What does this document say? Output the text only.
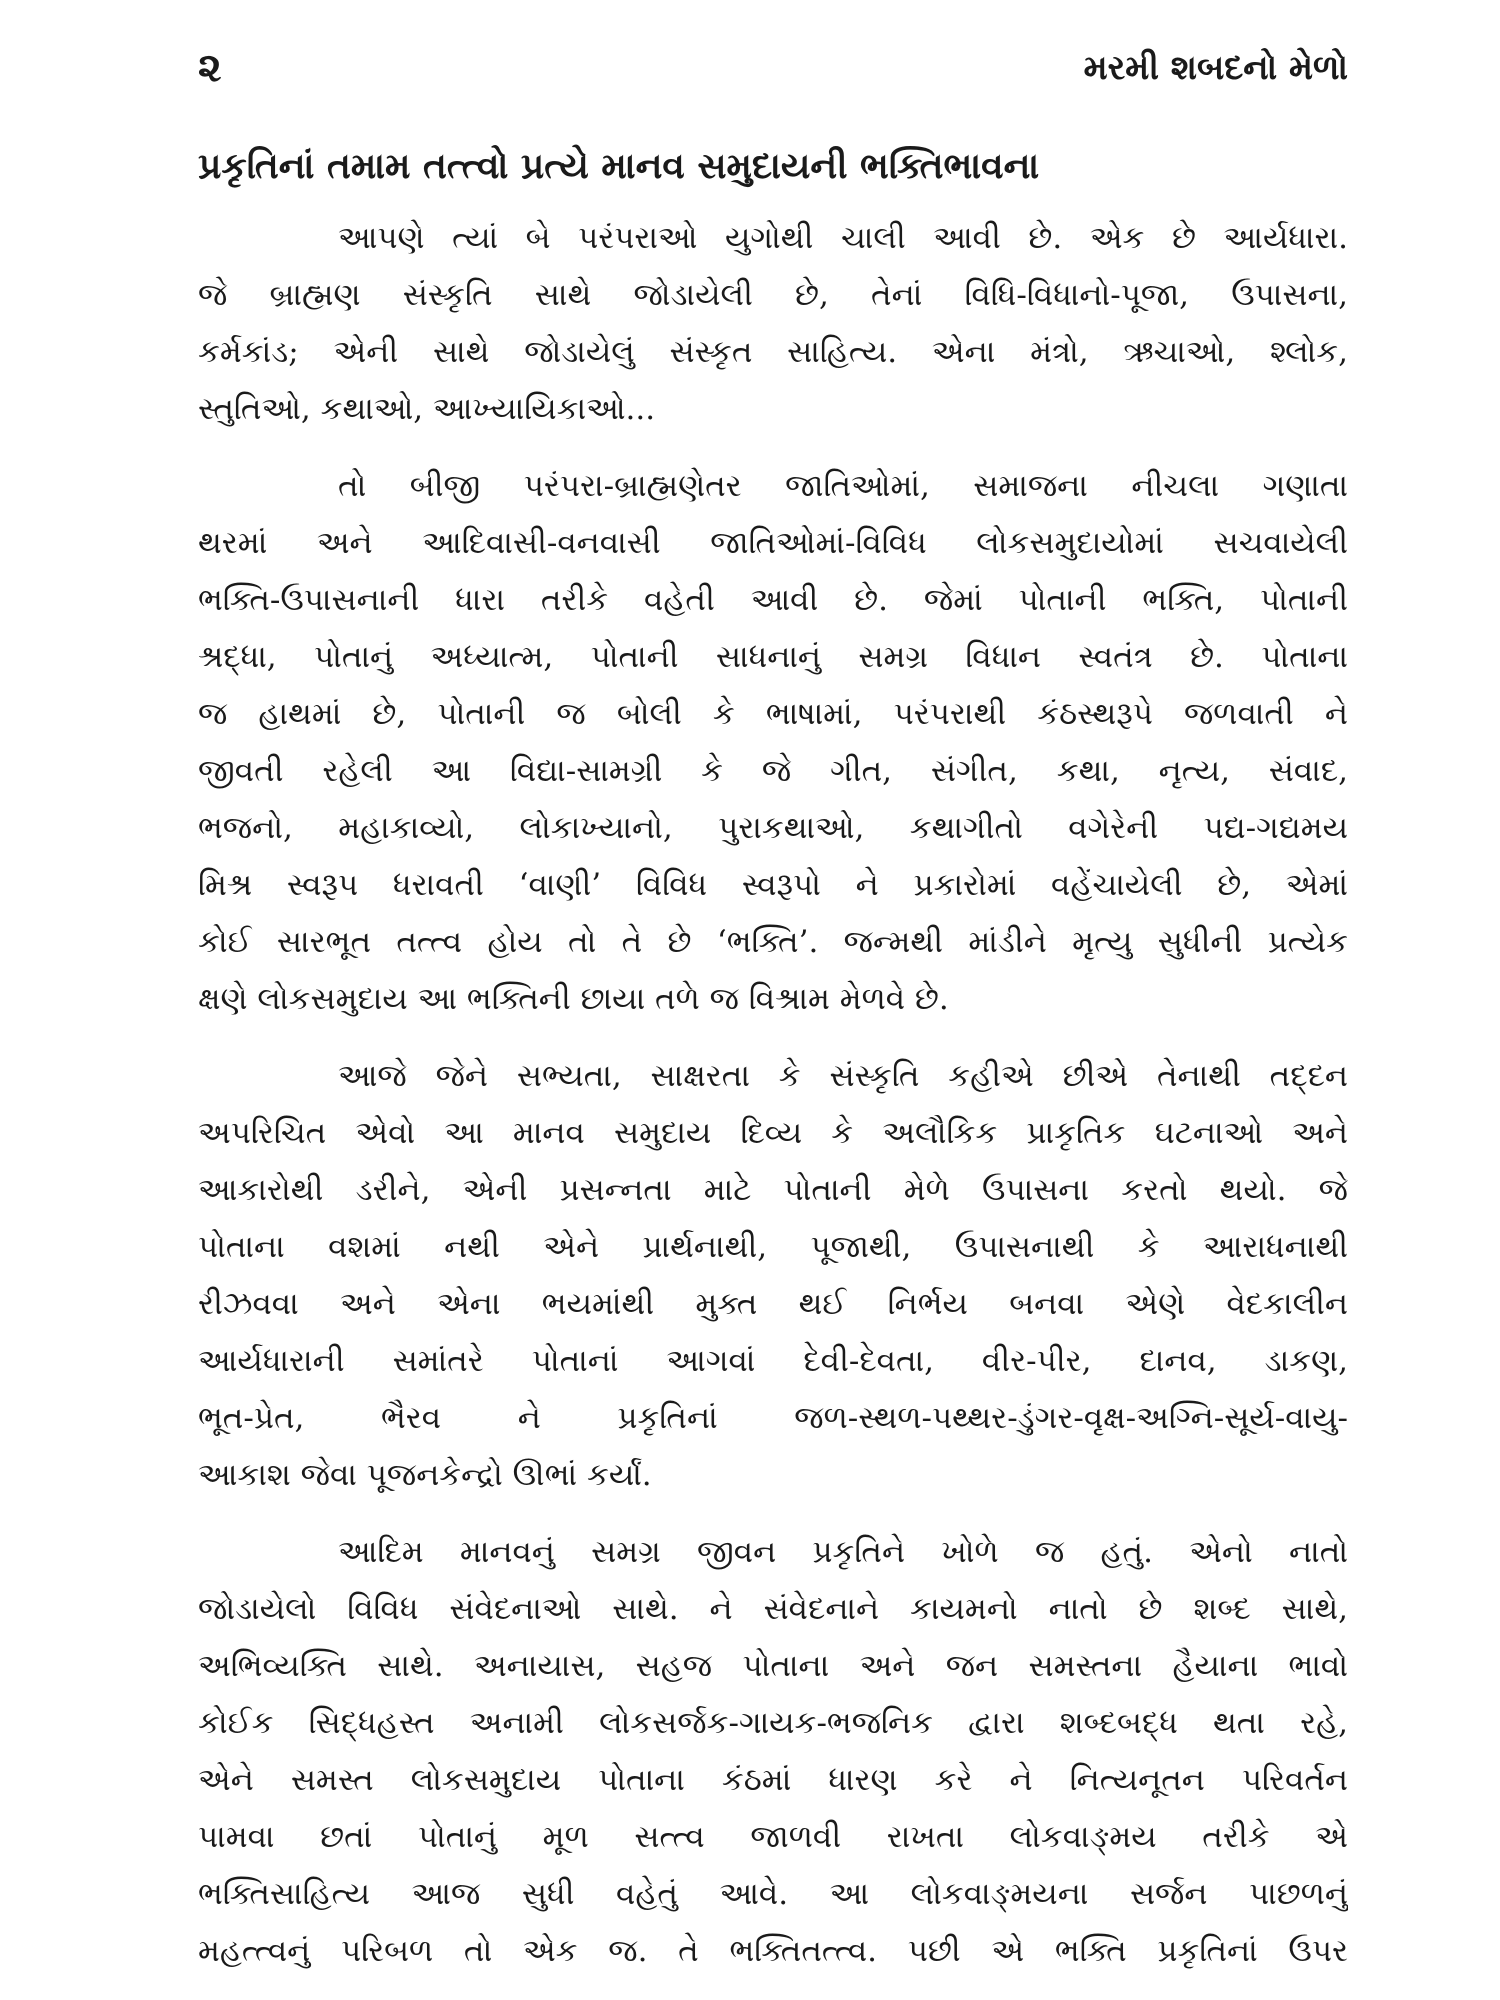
૨	મરમી શબદનો મેળો
પ્રકૃતિનાં તમામ તત્ત્વો પ્રત્યે માનવ સમુદાયની ભક્તિભાવના
આપણે ત્યાં બે પરંપરાઓ યુગોથી ચાલી આવી છે. એક છે આર્યધારા.
જે બ્રાહ્મણ સંસ્કૃતિ સાથે જોડાયેલી છે, તેનાં વિધિ-વિધાનો-પૂજા, ઉપાસના,
કર્મકાંડ; એની સાથે જોડાયેલું સંસ્કૃત સાહિત્ય. એના મંત્રો, ઋચાઓ, શ્લોક,
સ્તુતિઓ, કથાઓ, આખ્યાયિકાઓ...
તો બીજી પરંપરા-બ્રાહ્મણેતર જાતિઓમાં, સમાજના નીચલા ગણાતા
થરમાં અને આદિવાસી-વનવાસી જાતિઓમાં-વિવિધ લોકસમુદાયોમાં સચવાયેલી
ભક્તિ-ઉપાસનાની ધારા તરીકે વહેતી આવી છે. જેમાં પોતાની ભક્તિ, પોતાની
શ્રદ્ધા, પોતાનું અધ્યાત્મ, પોતાની સાધનાનું સમગ્ર વિધાન સ્વતંત્ર છે. પોતાના
જ હાથમાં છે, પોતાની જ બોલી કે ભાષામાં, પરંપરાથી કંઠસ્થરૂપે જળવાતી ને
જીવતી રહેલી આ વિદ્યા-સામગ્રી કે જે ગીત, સંગીત, કથા, નૃત્ય, સંવાદ,
ભજનો, મહાકાવ્યો, લોકાખ્યાનો, પુરાકથાઓ, કથાગીતો વગેરેની પદ્ય-ગદ્યમય
મિશ્ર સ્વરૂપ ધરાવતી ‘વાણી’ વિવિધ સ્વરૂપો ને પ્રકારોમાં વહેંચાયેલી છે, એમાં
કોઈ સારભૂત તત્ત્વ હોય તો તે છે ‘ભક્તિ’. જન્મથી માંડીને મૃત્યુ સુધીની પ્રત્યેક
ક્ષણે લોકસમુદાય આ ભક્તિની છાયા તળે જ વિશ્રામ મેળવે છે.
આજે જેને સભ્યતા, સાક્ષરતા કે સંસ્કૃતિ કહીએ છીએ તેનાથી તદ્દન
અપરિચિત એવો આ માનવ સમુદાય દિવ્ય કે અલૌકિક પ્રાકૃતિક ઘટનાઓ અને
આકારોથી ડરીને, એની પ્રસન્નતા માટે પોતાની મેળે ઉપાસના કરતો થયો. જે
પોતાના વશમાં નથી એને પ્રાર્થનાથી, પૂજાથી, ઉપાસનાથી કે આરાધનાથી
રીઝવવા અને એના ભયમાંથી મુક્ત થઈ નિર્ભય બનવા એણે વેદકાલીન
આર્યધારાની સમાંતરે પોતાનાં આગવાં દેવી-દેવતા, વીર-પીર, દાનવ, ડાકણ,
ભૂત-પ્રેત, ભૈરવ ને પ્રકૃતિનાં જળ-સ્થળ-પથ્થર-ડુંગર-વૃક્ષ-અગ્નિ-સૂર્ય-વાયુ-
આકાશ જેવા પૂજનકેન્દ્રો ઊભાં કર્યાં.
આદિમ માનવનું સમગ્ર જીવન પ્રકૃતિને ખોળે જ હતું. એનો નાતો
જોડાયેલો વિવિધ સંવેદનાઓ સાથે. ને સંવેદનાને કાયમનો નાતો છે શબ્દ સાથે,
અભિવ્યક્તિ સાથે. અનાયાસ, સહજ પોતાના અને જન સમસ્તના હૈયાના ભાવો
કોઈક સિદ્ધહસ્ત અનામી લોકસર્જક-ગાયક-ભજનિક દ્વારા શબ્દબદ્ધ થતા રહે,
એને સમસ્ત લોકસમુદાય પોતાના કંઠમાં ધારણ કરે ને નિત્યનૂતન પરિવર્તન
પામવા છતાં પોતાનું મૂળ સત્ત્વ જાળવી રાખતા લોકવાઙ્મય તરીકે એ
ભક્તિસાહિત્ય આજ સુધી વહેતું આવે. આ લોકવાઙ્મયના સર્જન પાછળનું
મહત્ત્વનું પરિબળ તો એક જ. તે ભક્તિતત્ત્વ. પછી એ ભક્તિ પ્રકૃતિનાં ઉપર
